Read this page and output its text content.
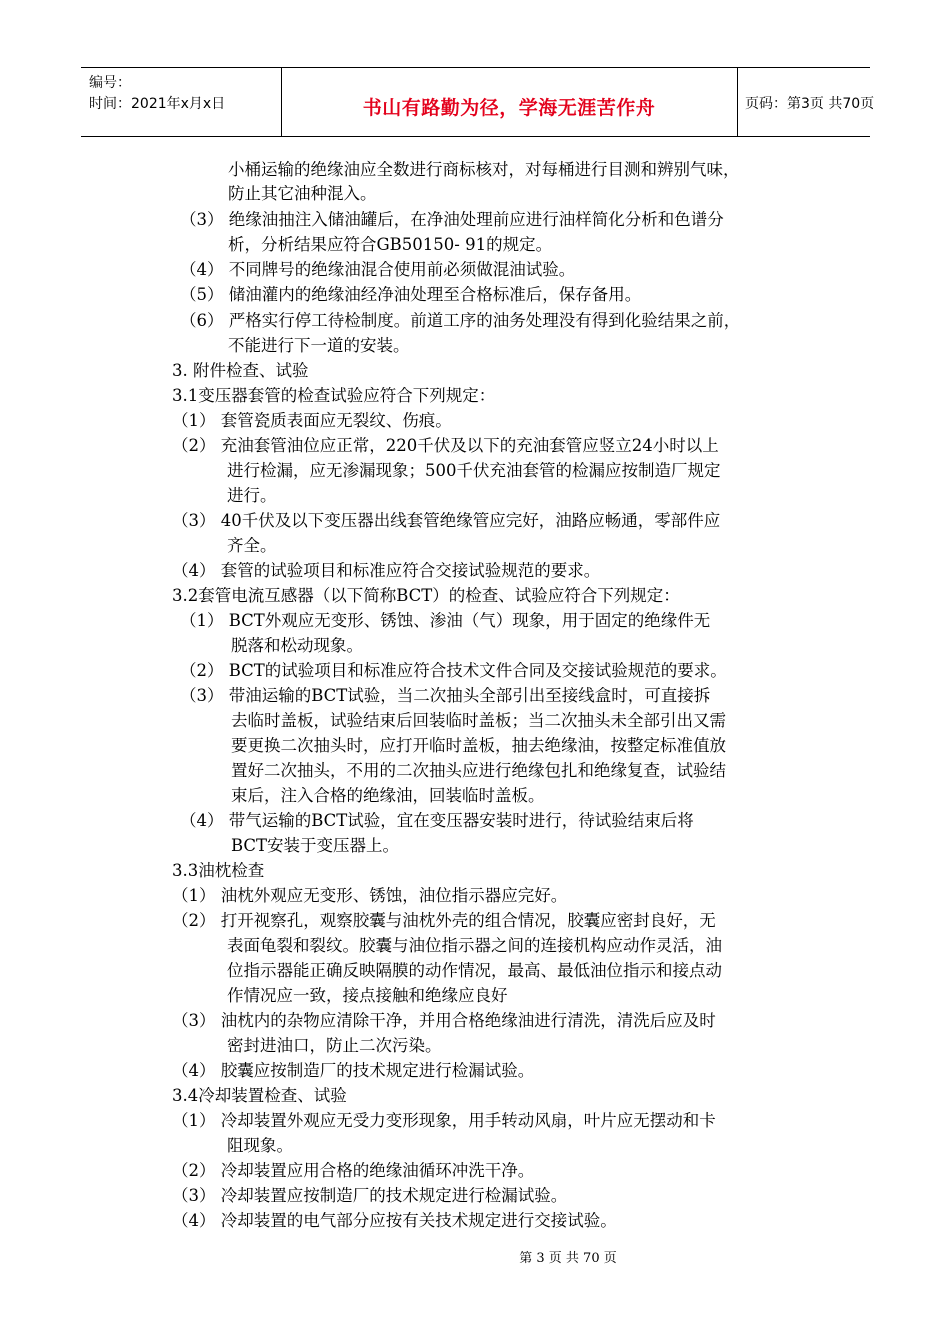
编号：
时间：2021年x月x日	书山有路勤为径，学海无涯苦作舟	页码：第3页 共70页
小桶运输的绝缘油应全数进行商标核对，对每桶进行目测和辨别气味，
防止其它油种混入。
（3） 绝缘油抽注入储油罐后，在净油处理前应进行油样简化分析和色谱分
析，分析结果应符合GB50150- 91的规定。
（4） 不同牌号的绝缘油混合使用前必须做混油试验。
（5） 储油灌内的绝缘油经净油处理至合格标准后，保存备用。
（6） 严格实行停工待检制度。前道工序的油务处理没有得到化验结果之前，
不能进行下一道的安装。
3. 附件检查、试验
3.1变压器套管的检查试验应符合下列规定：
（1） 套管瓷质表面应无裂纹、伤痕。
（2） 充油套管油位应正常，220千伏及以下的充油套管应竖立24小时以上
进行检漏，应无渗漏现象；500千伏充油套管的检漏应按制造厂规定
进行。
（3） 40千伏及以下变压器出线套管绝缘管应完好，油路应畅通，零部件应
齐全。
（4） 套管的试验项目和标准应符合交接试验规范的要求。
3.2套管电流互感器（以下简称BCT）的检查、试验应符合下列规定：
（1） BCT外观应无变形、锈蚀、渗油（气）现象，用于固定的绝缘件无
脱落和松动现象。
（2） BCT的试验项目和标准应符合技术文件合同及交接试验规范的要求。
（3） 带油运输的BCT试验，当二次抽头全部引出至接线盒时，可直接拆
去临时盖板，试验结束后回装临时盖板；当二次抽头未全部引出又需
要更换二次抽头时，应打开临时盖板，抽去绝缘油，按整定标准值放
置好二次抽头，不用的二次抽头应进行绝缘包扎和绝缘复查，试验结
束后，注入合格的绝缘油，回装临时盖板。
（4） 带气运输的BCT试验，宜在变压器安装时进行，待试验结束后将
BCT安装于变压器上。
3.3油枕检查
（1） 油枕外观应无变形、锈蚀，油位指示器应完好。
（2） 打开视察孔，观察胶囊与油枕外壳的组合情况，胶囊应密封良好，无
表面龟裂和裂纹。胶囊与油位指示器之间的连接机构应动作灵活，油
位指示器能正确反映隔膜的动作情况，最高、最低油位指示和接点动
作情况应一致，接点接触和绝缘应良好
（3） 油枕内的杂物应清除干净，并用合格绝缘油进行清洗，清洗后应及时
密封进油口，防止二次污染。
（4） 胶囊应按制造厂的技术规定进行检漏试验。
3.4冷却装置检查、试验
（1） 冷却装置外观应无受力变形现象，用手转动风扇，叶片应无摆动和卡
阻现象。
（2） 冷却装置应用合格的绝缘油循环冲洗干净。
（3） 冷却装置应按制造厂的技术规定进行检漏试验。
（4） 冷却装置的电气部分应按有关技术规定进行交接试验。
第 3 页 共 70 页
